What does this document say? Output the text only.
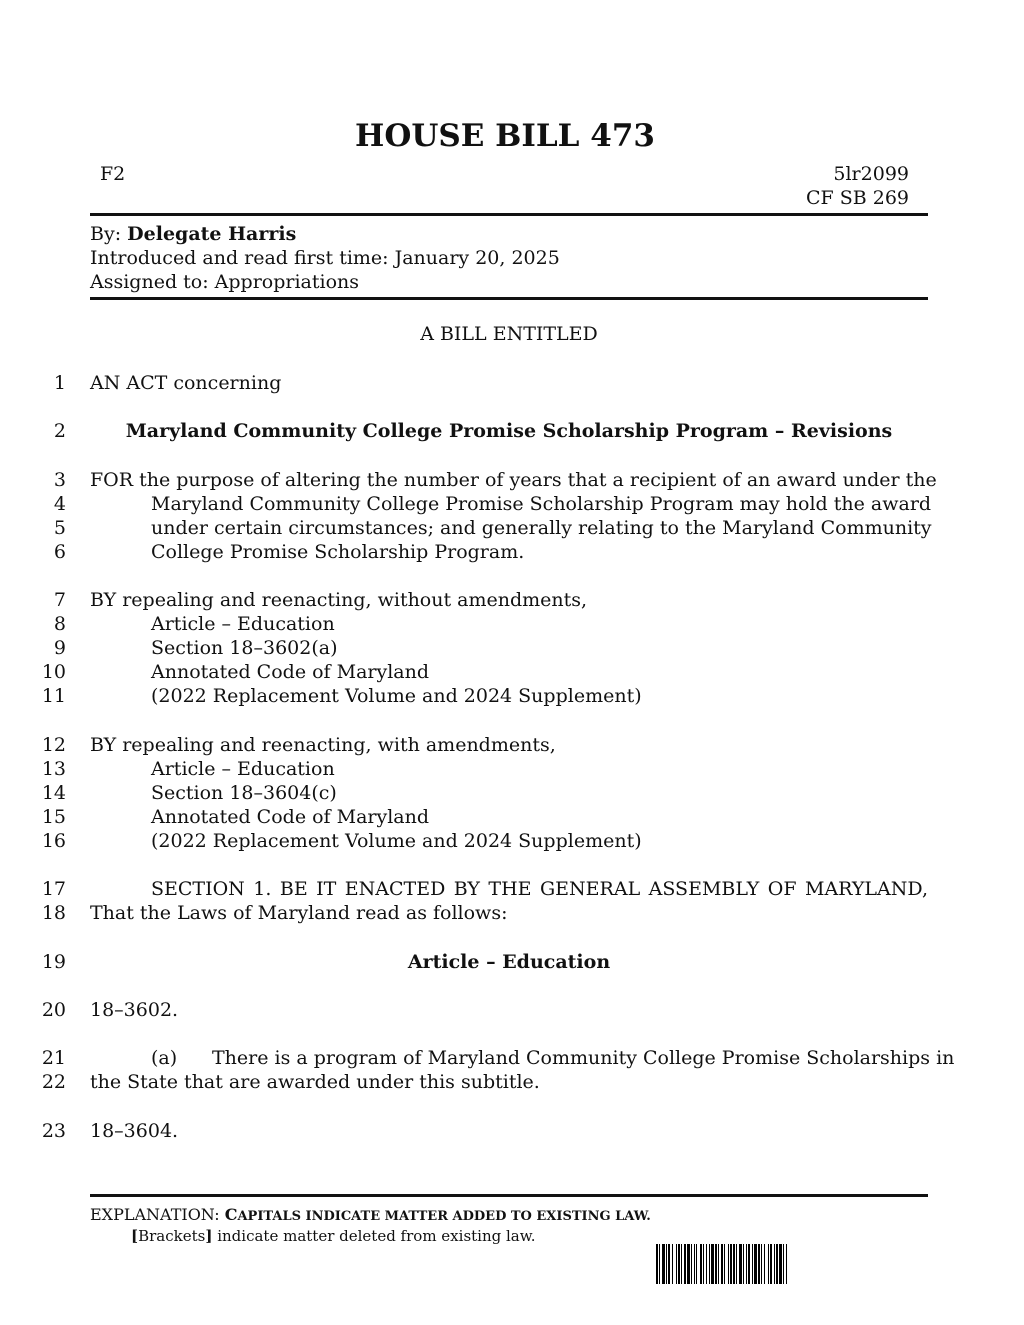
HOUSE BILL 473
F2	5lr2099
CF SB 269
By: Delegate Harris
Introduced and read first time: January 20, 2025
Assigned to: Appropriations
A BILL ENTITLED
1
2
3
4
5
6
7
8
9
10
11
12
13
14
15
16
17
18
19
20
21
22
23
AN ACT concerning
Maryland Community College Promise Scholarship Program – Revisions
FOR the purpose of altering the number of years that a recipient of an award under the
Maryland Community College Promise Scholarship Program may hold the award
under certain circumstances; and generally relating to the Maryland Community
College Promise Scholarship Program.
BY repealing and reenacting, without amendments,
Article – Education
Section 18–3602(a)
Annotated Code of Maryland
(2022 Replacement Volume and 2024 Supplement)
BY repealing and reenacting, with amendments,
Article – Education
Section 18–3604(c)
Annotated Code of Maryland
(2022 Replacement Volume and 2024 Supplement)
SECTION 1. BE IT ENACTED BY THE GENERAL ASSEMBLY OF MARYLAND,
That the Laws of Maryland read as follows:
Article – Education
18–3602.
(a) There is a program of Maryland Community College Promise Scholarships in
the State that are awarded under this subtitle.
18–3604.
EXPLANATION: CAPITALS INDICATE MATTER ADDED TO EXISTING LAW.
[Brackets] indicate matter deleted from existing law.
